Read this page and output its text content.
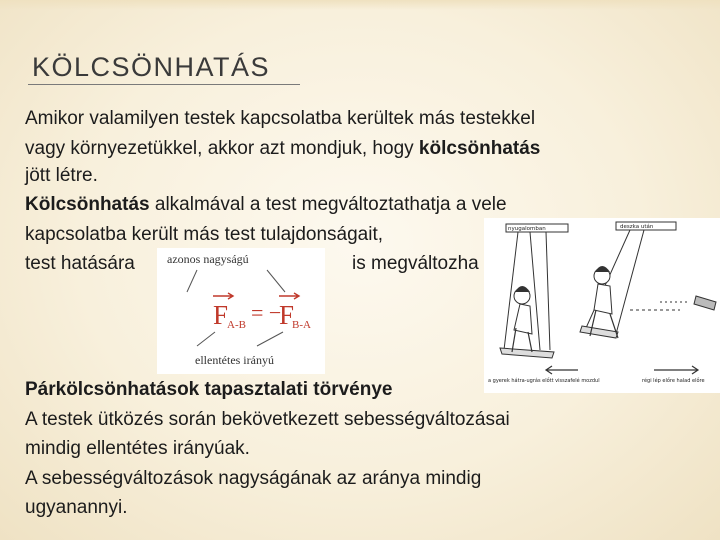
KÖLCSÖNHATÁS
Amikor valamilyen testek kapcsolatba kerültek más testekkel
vagy környezetükkel, akkor azt mondjuk, hogy kölcsönhatás
jött létre.
Kölcsönhatás alkalmával a test megváltoztathatja a vele
kapcsolatba került más test tulajdonságait,
test hatására	is megváltozha
azonos nagyságú
F
A-B = −
F
B-A
ellentétes irányú
nyugalomban	deszka után
a gyerek hátra-ugrás előtt visszafelé mozdul	régi lép előre halad előre
Párkölcsönhatások tapasztalati törvénye
A testek ütközés során bekövetkezett sebességváltozásai
mindig ellentétes irányúak.
A sebességváltozások nagyságának az aránya mindig
ugyanannyi.
